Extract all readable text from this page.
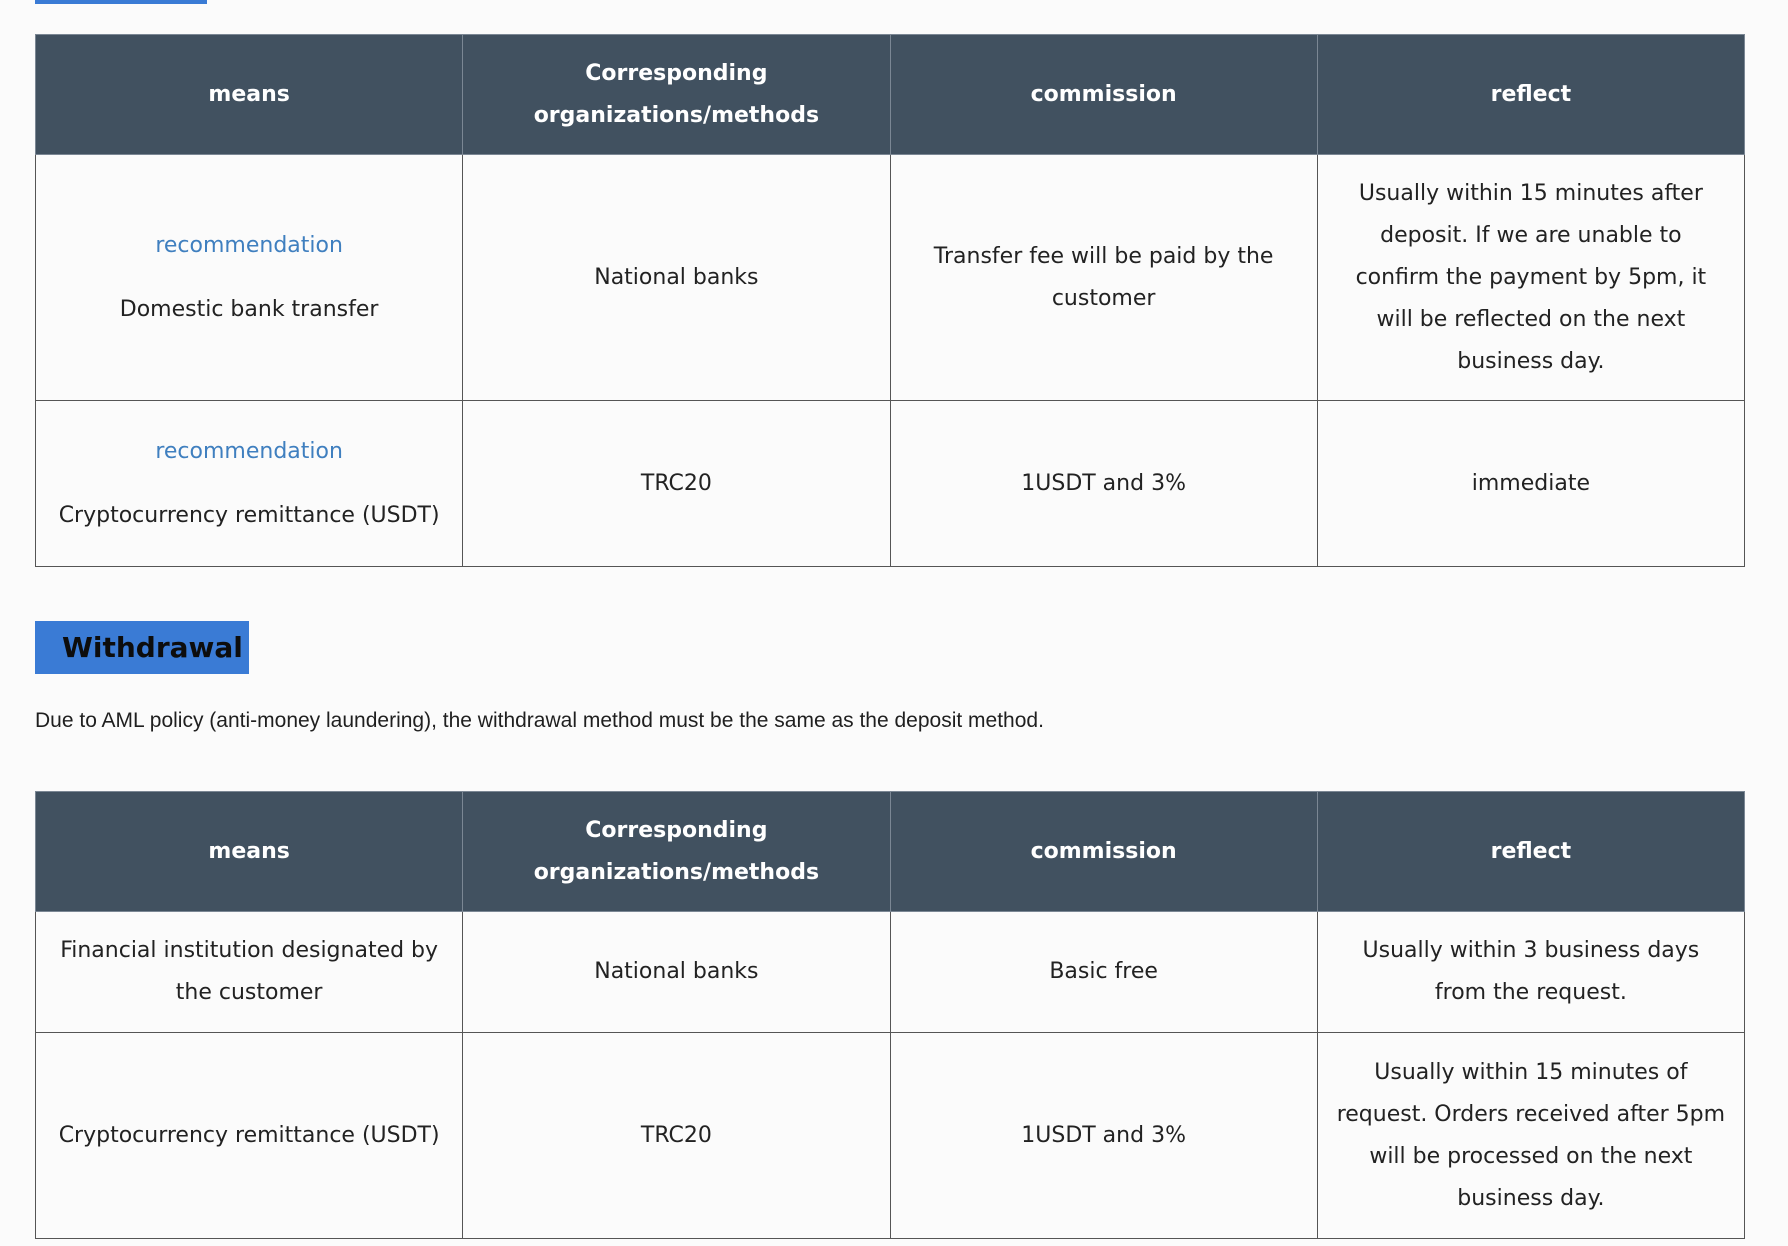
means	Corresponding organizations/methods	commission	reflect

recommendation
Domestic bank transfer	National banks	Transfer fee will be paid by the customer	Usually within 15 minutes after deposit. If we are unable to confirm the payment by 5pm, it will be reflected on the next business day.

recommendation
Cryptocurrency remittance (USDT)	TRC20	1USDT and 3%	immediate
Withdrawal
Due to AML policy (anti-money laundering), the withdrawal method must be the same as the deposit method.
means	Corresponding organizations/methods	commission	reflect
Financial institution designated by the customer	National banks	Basic free	Usually within 3 business days from the request.
Cryptocurrency remittance (USDT)	TRC20	1USDT and 3%	Usually within 15 minutes of request. Orders received after 5pm will be processed on the next business day.
